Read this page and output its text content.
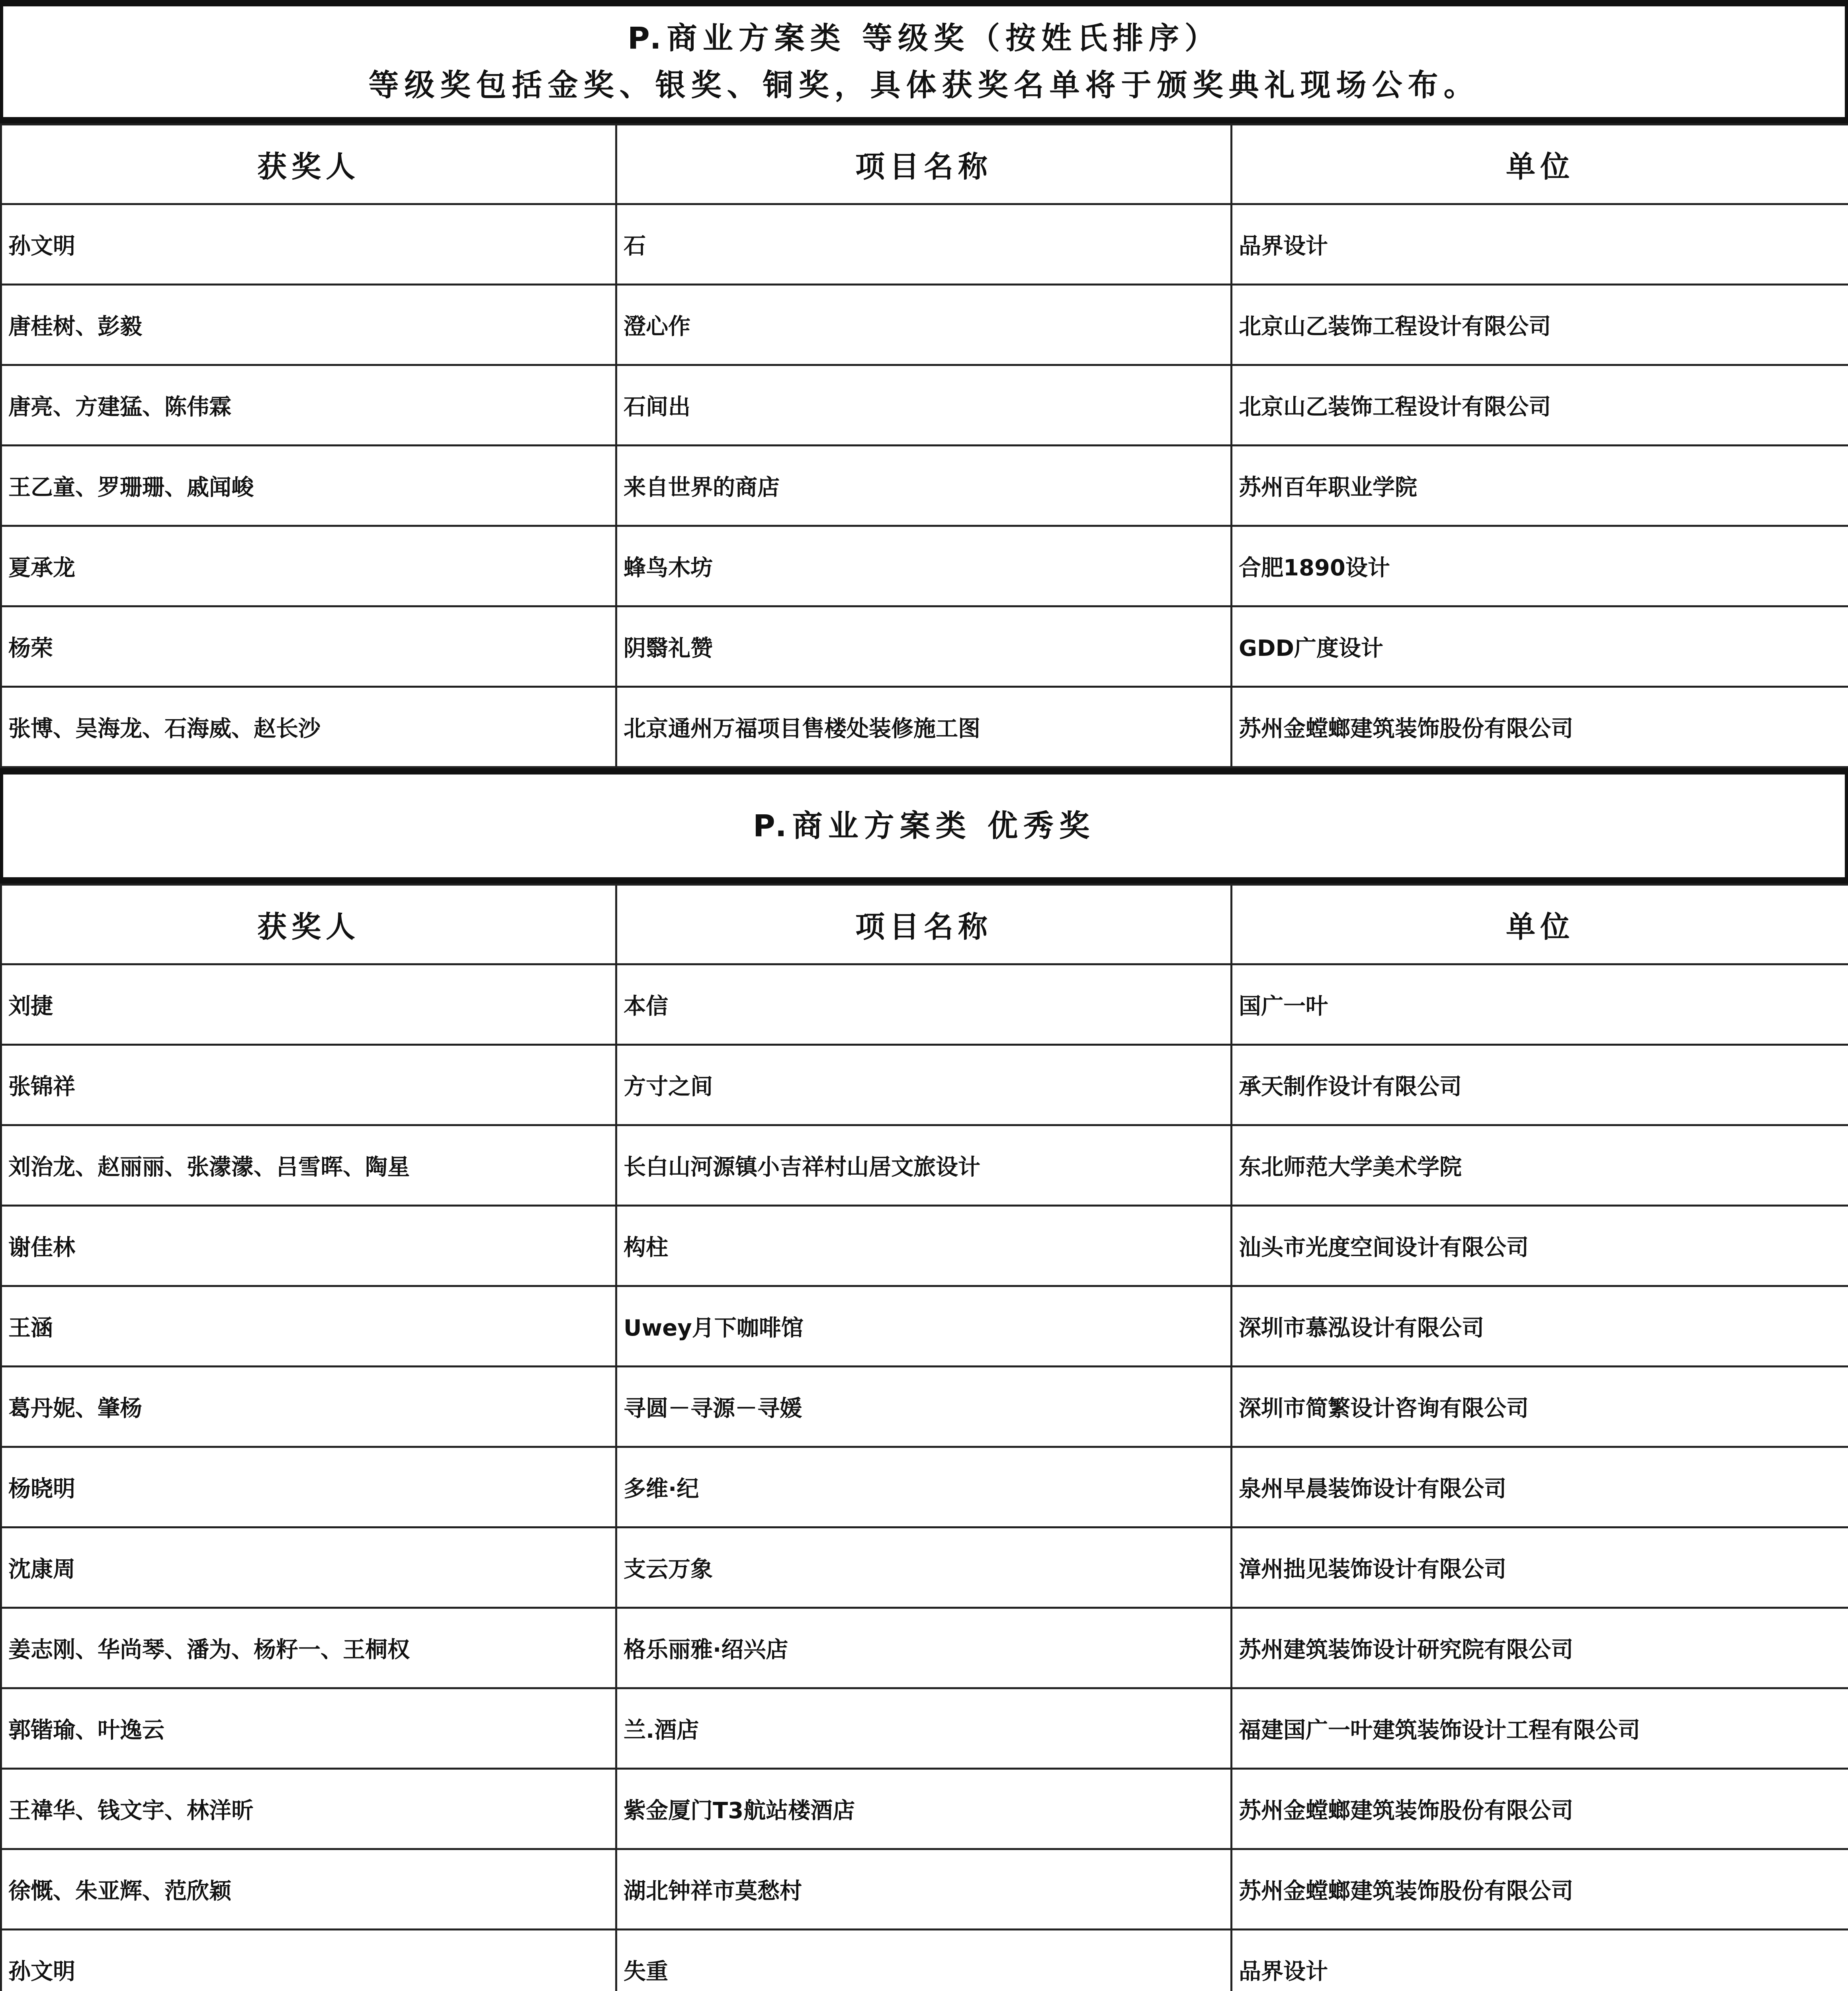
P.商业方案类 等级奖（按姓氏排序）
等级奖包括金奖、银奖、铜奖，具体获奖名单将于颁奖典礼现场公布。
获奖人	项目名称	单位
孙文明	石	品界设计
唐桂树、彭毅	澄心作	北京山乙装饰工程设计有限公司
唐亮、方建猛、陈伟霖	石间出	北京山乙装饰工程设计有限公司
王乙童、罗珊珊、戚闻峻	来自世界的商店	苏州百年职业学院
夏承龙	蜂鸟木坊	合肥1890设计
杨荣	阴翳礼赞	GDD广度设计
张博、吴海龙、石海威、赵长沙	北京通州万福项目售楼处装修施工图	苏州金螳螂建筑装饰股份有限公司
P.商业方案类 优秀奖
获奖人	项目名称	单位
刘捷	本信	国广一叶
张锦祥	方寸之间	承天制作设计有限公司
刘治龙、赵丽丽、张濛濛、吕雪晖、陶星	长白山河源镇小吉祥村山居文旅设计	东北师范大学美术学院
谢佳林	构柱	汕头市光度空间设计有限公司
王涵	Uwey月下咖啡馆	深圳市慕泓设计有限公司
葛丹妮、肇杨	寻圆－寻源－寻媛	深圳市简繁设计咨询有限公司
杨晓明	多维·纪	泉州早晨装饰设计有限公司
沈康周	支云万象	漳州拙见装饰设计有限公司
姜志刚、华尚琴、潘为、杨籽一、王桐权	格乐丽雅·绍兴店	苏州建筑装饰设计研究院有限公司
郭锴瑜、叶逸云	兰.酒店	福建国广一叶建筑装饰设计工程有限公司
王禕华、钱文宇、林洋昕	紫金厦门T3航站楼酒店	苏州金螳螂建筑装饰股份有限公司
徐慨、朱亚辉、范欣颖	湖北钟祥市莫愁村	苏州金螳螂建筑装饰股份有限公司
孙文明	失重	品界设计
